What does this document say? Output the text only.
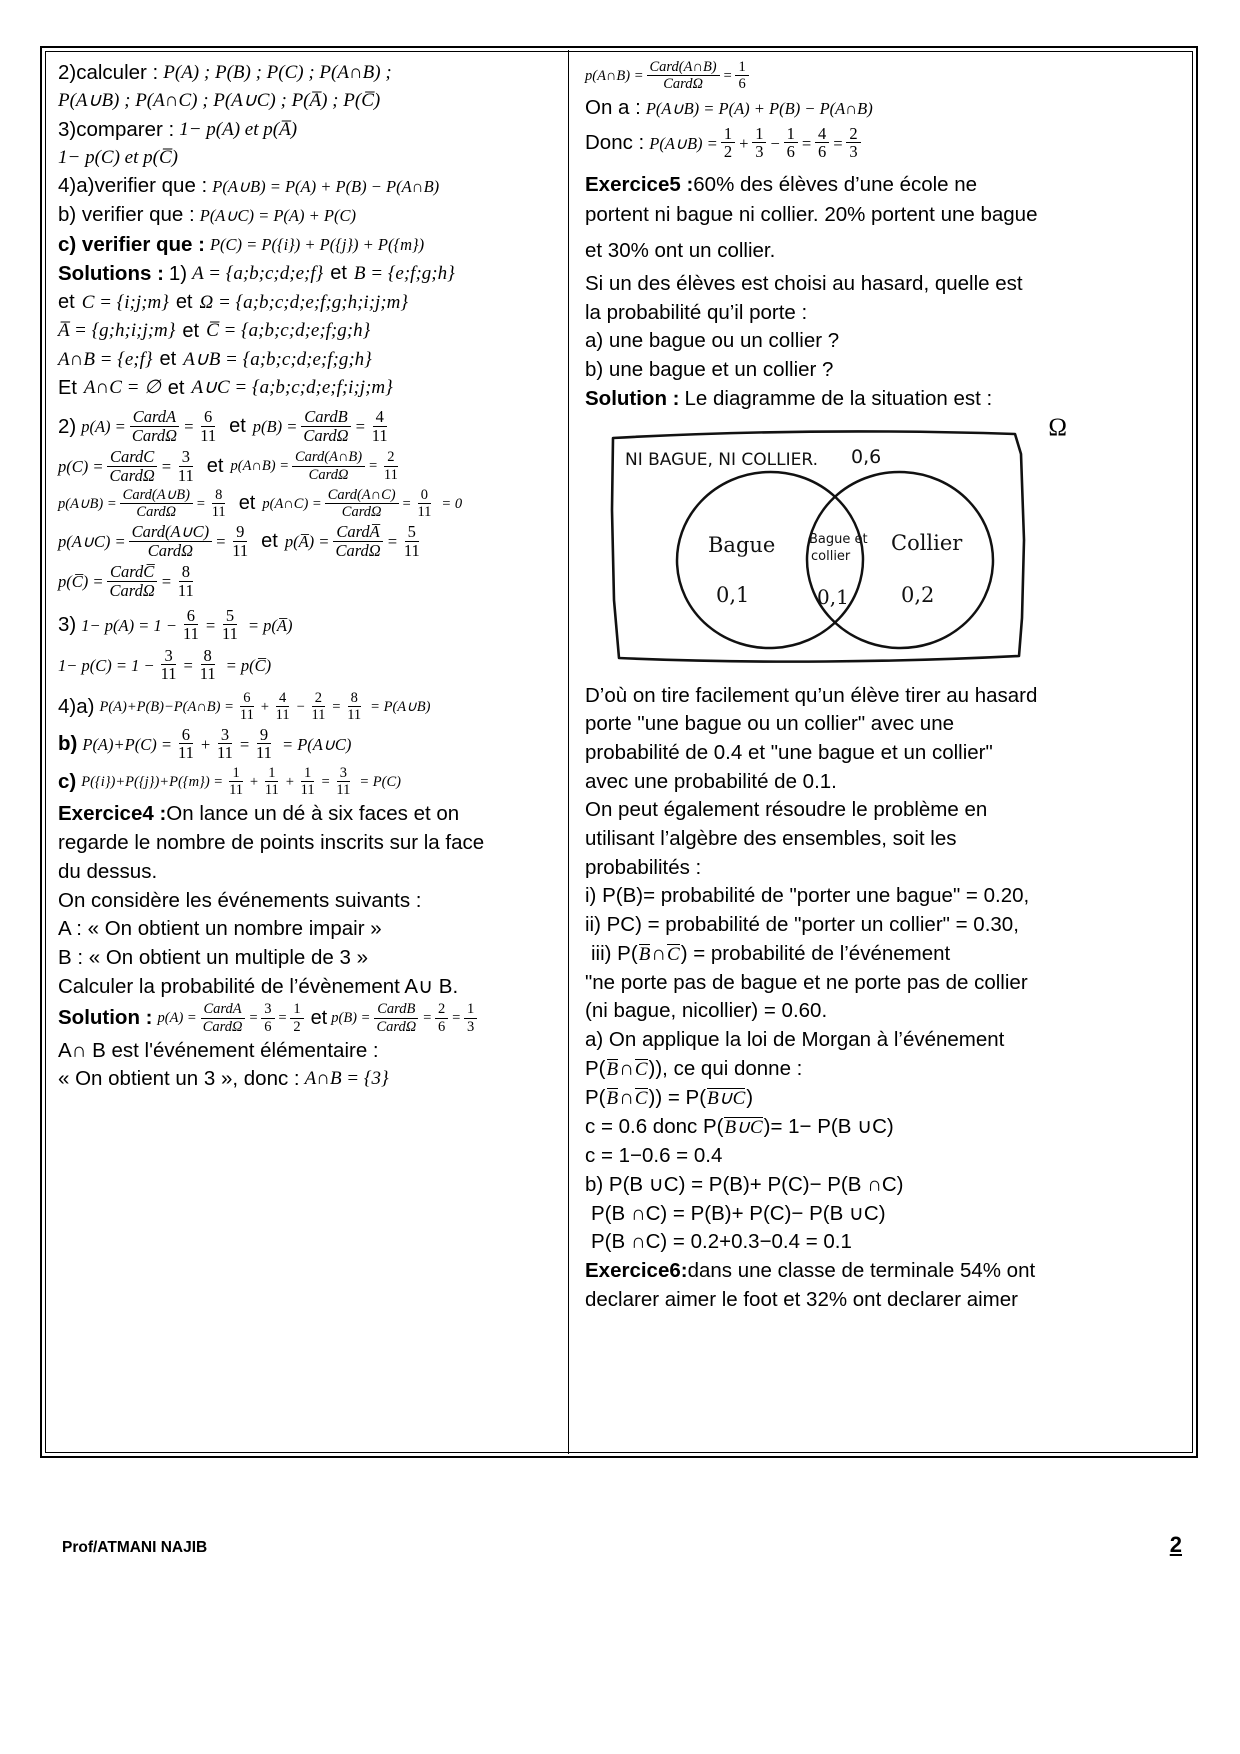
2)calculer : P(A) ; P(B) ; P(C) ; P(A∩B) ;
P(A∪B) ; P(A∩C) ; P(A∪C) ; P(A̅) ; P(C̅)
3)comparer : 1− p(A) et p(A̅)
1− p(C) et p(C̅)
4)a)verifier que : P(A∪B) = P(A) + P(B) − P(A∩B)
b) verifier que : P(A∪C) = P(A) + P(C)
c) verifier que : P(C) = P({i}) + P({j}) + P({m})
Solutions : 1) A = {a;b;c;d;e;f} et B = {e;f;g;h}
et C = {i;j;m} et Ω = {a;b;c;d;e;f;g;h;i;j;m}
A̅ = {g;h;i;j;m} et C̅ = {a;b;c;d;e;f;g;h}
A∩B = {e;f} et A∪B = {a;b;c;d;e;f;g;h}
Et A∩C = ∅ et A∪C = {a;b;c;d;e;f;i;j;m}
2) $p(A) = \frac{\text{CardA}}{\text{CardΩ}} = \frac{6}{11}$ et $p(B) = \frac{\text{CardB}}{\text{CardΩ}} = \frac{4}{11}$
$p(C) = \frac{\text{CardC}}{\text{CardΩ}} = \frac{3}{11}$ et p(A∩B) = $\frac{\text{Card(A∩B)}}{\text{CardΩ}} = \frac{2}{11}$
p(A∪B) = $\frac{\text{Card(A∪B)}}{\text{CardΩ}} = \frac{8}{11}$ et p(A∩C) = $\frac{\text{Card(A∩C)}}{\text{CardΩ}} = \frac{0}{11} = 0$
p(A∪C) = $\frac{\text{Card(A∪C)}}{\text{CardΩ}} = \frac{9}{11}$ et p(A̅) = $\frac{\text{CardA̅}}{\text{CardΩ}} = \frac{5}{11}$
p(C̅) = $\frac{\text{CardC̅}}{\text{CardΩ}} = \frac{8}{11}$
3) $1- p(A) = 1 - \frac{6}{11} = \frac{5}{11}$ = p(A̅)
$1- p(C) = 1 - \frac{3}{11} = \frac{8}{11}$ = p(C̅)
4)a) P(A)+P(B)−P(A∩B) = $\frac{6}{11} + \frac{4}{11} - \frac{2}{11} = \frac{8}{11}$ = P(A∪B)
b) $P(A)+P(C) = \frac{6}{11} + \frac{3}{11} = \frac{9}{11}$ = P(A∪C)
c) $P(\{i\})+P(\{j\})+P(\{m\}) = \frac{1}{11} + \frac{1}{11} + \frac{1}{11} = \frac{3}{11} = P(C)$
Exercice4 : On lance un dé à six faces et on
regarde le nombre de points inscrits sur la face
du dessus.
On considère les événements suivants :
A : « On obtient un nombre impair »
B : « On obtient un multiple de 3 »
Calculer la probabilité de l’évènement A∪ B.
Solution : $p(A) = \frac{\text{CardA}}{\text{CardΩ}} = \frac{3}{6} = \frac{1}{2}$ et $p(B) = \frac{\text{CardB}}{\text{CardΩ}} = \frac{2}{6} = \frac{1}{3}$
A∩ B est l'événement élémentaire :
« On obtient un 3 », donc : A∩B = {3}
p(A∩B) = $\frac{\text{Card(A∩B)}}{\text{CardΩ}} = \frac{1}{6}$
On a : P(A∪B) = P(A) + P(B) − P(A∩B)
Donc : P(A∪B) = $\frac{1}{2} + \frac{1}{3} - \frac{1}{6} = \frac{4}{6} = \frac{2}{3}$
Exercice5 : 60% des élèves d’une école ne
portent ni bague ni collier. 20% portent une bague
et 30% ont un collier.
Si un des élèves est choisi au hasard, quelle est
la probabilité qu’il porte :
a) une bague ou un collier ?
b) une bague et un collier ?
Solution : Le diagramme de la situation est :
Ω
NI BAGUE, NI COLLIER. 0,6
Bague
0,1
Bague et
collier
0,1
Collier
0,2
D’où on tire facilement qu’un élève tirer au hasard
porte "une bague ou un collier" avec une
probabilité de 0.4 et "une bague et un collier"
avec une probabilité de 0.1.
On peut également résoudre le problème en
utilisant l’algèbre des ensembles, soit les
probabilités :
i) P(B)= probabilité de "porter une bague" = 0.20,
ii) PC) = probabilité de "porter un collier" = 0.30,
iii) P( B ∩ C ) = probabilité de l’événement
"ne porte pas de bague et ne porte pas de collier
(ni bague, nicollier) = 0.60.
a) On applique la loi de Morgan à l’événement
P( B ∩ C )), ce qui donne :
P( B ∩ C )) = P( B∪C )
c = 0.6 donc P( B∪C )= 1− P(B ∪C)
c = 1−0.6 = 0.4
b) P(B ∪C) = P(B)+ P(C)− P(B ∩C)
P(B ∩C) = P(B)+ P(C)− P(B ∪C)
P(B ∩C) = 0.2+0.3−0.4 = 0.1
Exercice6: dans une classe de terminale 54% ont
declarer aimer le foot et 32% ont declarer aimer
Prof/ATMANI NAJIB	2
